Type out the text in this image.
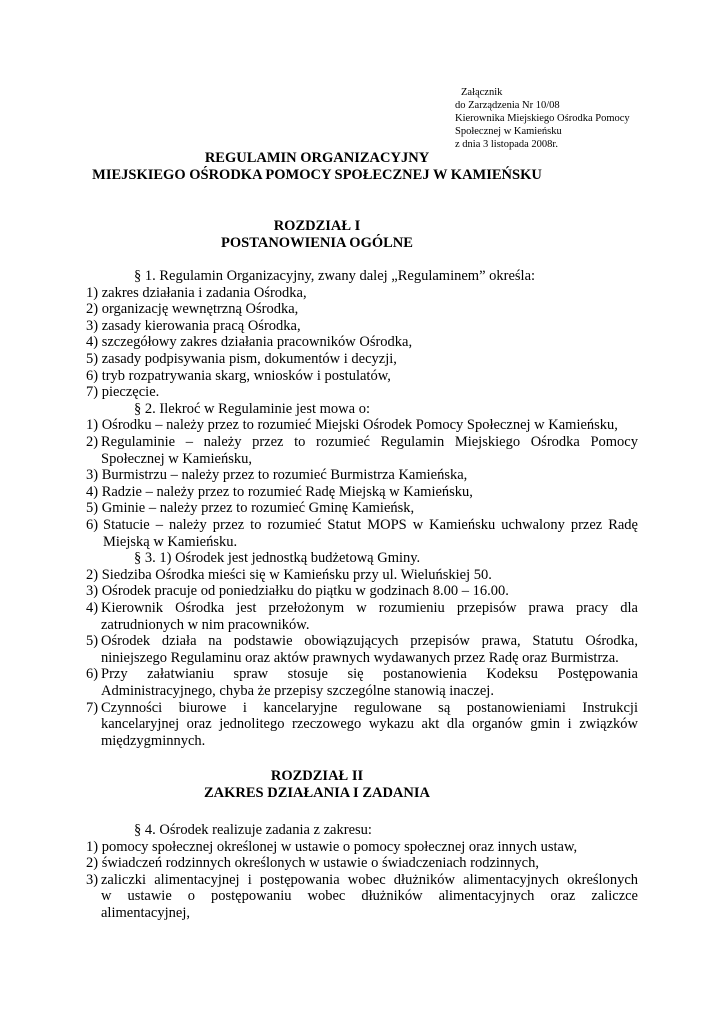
Załącznik
do Zarządzenia Nr 10/08
Kierownika Miejskiego Ośrodka Pomocy
Społecznej w Kamieńsku
z dnia 3 listopada 2008r.
REGULAMIN ORGANIZACYJNY
MIEJSKIEGO OŚRODKA POMOCY SPOŁECZNEJ W KAMIEŃSKU
ROZDZIAŁ I
POSTANOWIENIA OGÓLNE
§ 1. Regulamin Organizacyjny, zwany dalej „Regulaminem” określa:
1) zakres działania i zadania Ośrodka,
2) organizację wewnętrzną Ośrodka,
3) zasady kierowania pracą Ośrodka,
4) szczegółowy zakres działania pracowników Ośrodka,
5) zasady podpisywania pism, dokumentów i decyzji,
6) tryb rozpatrywania skarg, wniosków i postulatów,
7) pieczęcie.
§ 2. Ilekroć w Regulaminie jest mowa o:
1) Ośrodku – należy przez to rozumieć Miejski Ośrodek Pomocy Społecznej w Kamieńsku,
2) Regulaminie – należy przez to rozumieć Regulamin Miejskiego Ośrodka Pomocy
Społecznej w Kamieńsku,
3) Burmistrzu – należy przez to rozumieć Burmistrza Kamieńska,
4) Radzie – należy przez to rozumieć Radę Miejską w Kamieńsku,
5) Gminie – należy przez to rozumieć Gminę Kamieńsk,
6) Statucie – należy przez to rozumieć Statut MOPS w Kamieńsku uchwalony przez Radę
Miejską w Kamieńsku.
§ 3. 1) Ośrodek jest jednostką budżetową Gminy.
2) Siedziba Ośrodka mieści się w Kamieńsku przy ul. Wieluńskiej 50.
3) Ośrodek pracuje od poniedziałku do piątku w godzinach 8.00 – 16.00.
4) Kierownik Ośrodka jest przełożonym w rozumieniu przepisów prawa pracy dla
zatrudnionych w nim pracowników.
5) Ośrodek działa na podstawie obowiązujących przepisów prawa, Statutu Ośrodka,
niniejszego Regulaminu oraz aktów prawnych wydawanych przez Radę oraz Burmistrza.
6) Przy załatwianiu spraw stosuje się postanowienia Kodeksu Postępowania
Administracyjnego, chyba że przepisy szczególne stanowią inaczej.
7) Czynności biurowe i kancelaryjne regulowane są postanowieniami Instrukcji
kancelaryjnej oraz jednolitego rzeczowego wykazu akt dla organów gmin i związków
międzygminnych.
ROZDZIAŁ II
ZAKRES DZIAŁANIA I ZADANIA
§ 4. Ośrodek realizuje zadania z zakresu:
1) pomocy społecznej określonej w ustawie o pomocy społecznej oraz innych ustaw,
2) świadczeń rodzinnych określonych w ustawie o świadczeniach rodzinnych,
3) zaliczki alimentacyjnej i postępowania wobec dłużników alimentacyjnych określonych
w ustawie o postępowaniu wobec dłużników alimentacyjnych oraz zaliczce
alimentacyjnej,
